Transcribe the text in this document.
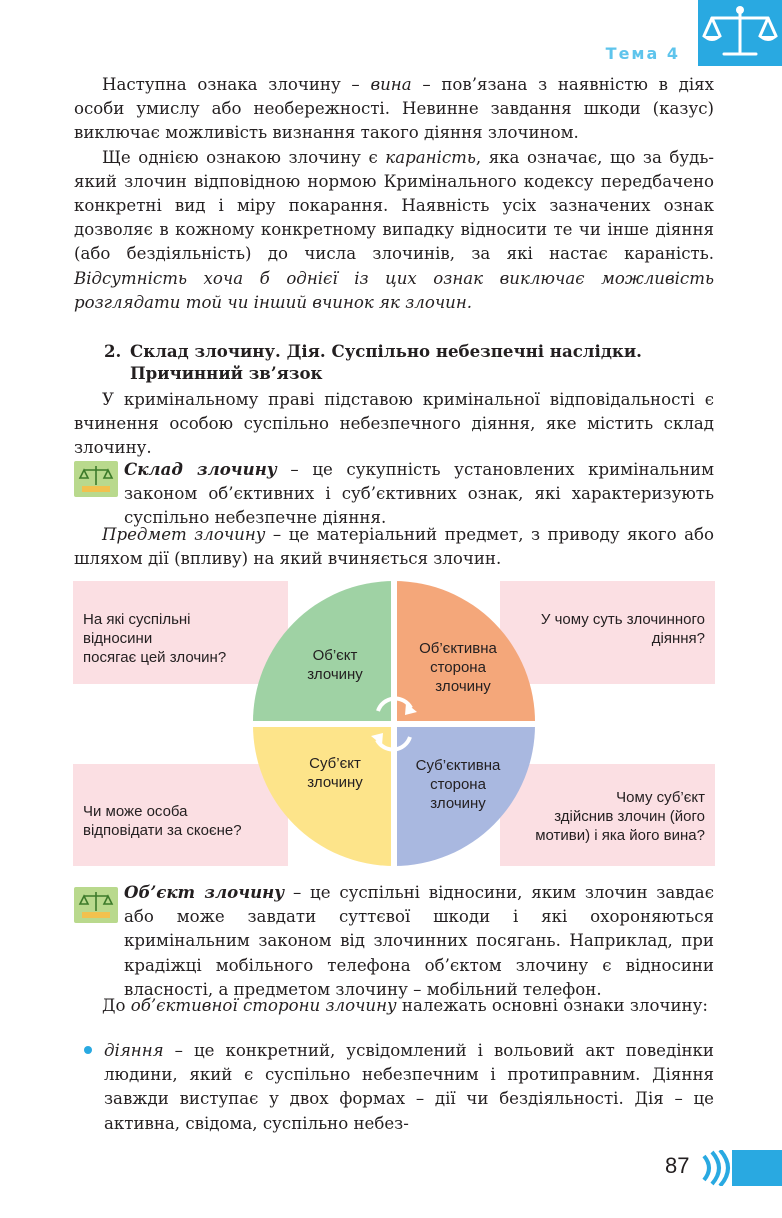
Тема 4

Наступна ознака злочину – вина – пов’язана з наявністю в діях особи умислу або необережності. Невинне завдання шкоди (казус) виключає можливість визнання такого діяння злочином.

Ще однією ознакою злочину є караність, яка означає, що за будь-який злочин відповідною нормою Кримінального кодексу передбачено конкретні вид і міру покарання. Наявність усіх зазначених ознак дозволяє в кожному конкретному випадку відносити те чи інше діяння (або бездіяльність) до числа злочинів, за які настає караність. Відсутність хоча б однієї із цих ознак виключає можливість розглядати той чи інший вчинок як злочин.

2. Склад злочину. Дія. Суспільно небезпечні наслідки.
Причинний зв’язок

У кримінальному праві підставою кримінальної відповідальності є вчинення особою суспільно небезпечного діяння, яке містить склад злочину.

Склад злочину – це сукупність установлених кримінальним законом об’єктивних і суб’єктивних ознак, які характеризують суспільно небезпечне діяння.

Предмет злочину – це матеріальний предмет, з приводу якого або шляхом дії (впливу) на який вчиняється злочин.

На які суспільні відносини
посягає цей злочин?
У чому суть злочинного
діяння?
Чи може особа
відповідати за скоєне?
Чому суб’єкт
здійснив злочин (його
мотиви) і яка його вина?
Об’єкт
злочину
Об’єктивна
сторона
злочину
Суб’єкт
злочину
Суб’єктивна
сторона
злочину

Об’єкт злочину – це суспільні відносини, яким злочин завдає або може завдати суттєвої шкоди і які охороняються кримінальним законом від злочинних посягань. Наприклад, при крадіжці мобільного телефона об’єктом злочину є відносини власності, а предметом злочину – мобільний телефон.

До об’єктивної сторони злочину належать основні ознаки злочину:

діяння – це конкретний, усвідомлений і вольовий акт поведінки людини, який є суспільно небезпечним і протиправним. Діяння завжди виступає у двох формах – дії чи бездіяльності. Дія – це активна, свідома, суспільно небез-

87
